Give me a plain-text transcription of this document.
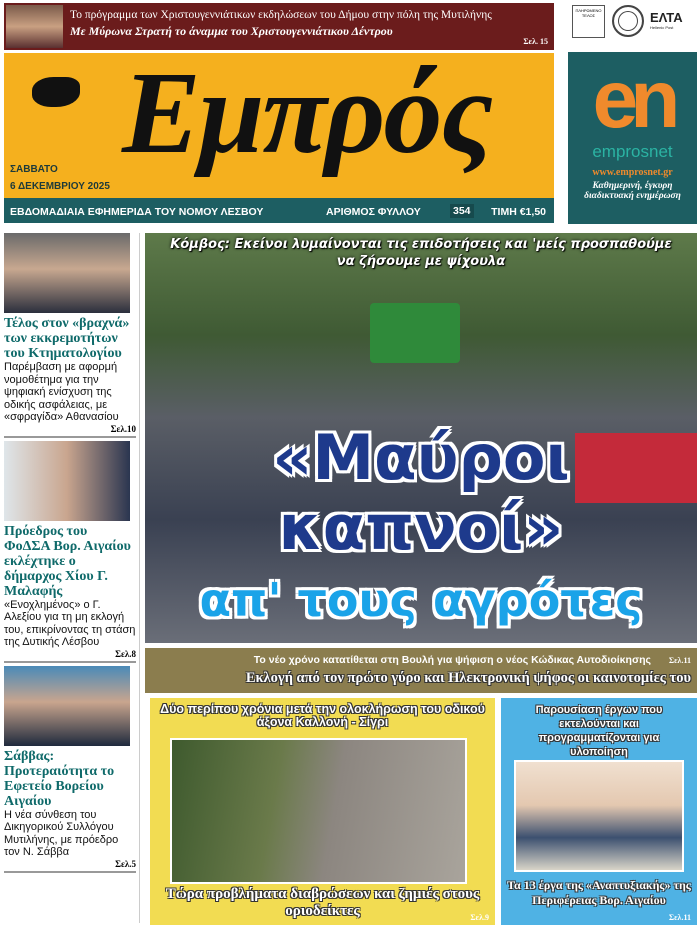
Το πρόγραμμα των Χριστουγεννιάτικων εκδηλώσεων του Δήμου στην πόλη της Μυτιλήνης
Με Μύρωνα Στρατή το άναμμα του Χριστουγεννιάτικου Δέντρου
Σελ. 15
ΠΛΗΡΩΜΕΝΟ ΤΕΛΟΣ	ΕΛΤΑ
Hellenic Post
Εμπρός
ΣΑΒΒΑΤΟ
6 ΔΕΚΕΜΒΡΙΟΥ 2025
ΕΒΔΟΜΑΔΙΑΙΑ ΕΦΗΜΕΡΙΔΑ ΤΟΥ ΝΟΜΟΥ ΛΕΣΒΟΥ	ΑΡΙΘΜΟΣ ΦΥΛΛΟΥ	354 ΤΙΜΗ €1,50
en
emprosnet
www.emprosnet.gr
Καθημερινή, έγκυρη
διαδικτυακή ενημέρωση
Τέλος στον «βραχνά» των εκκρεμοτήτων του Κτηματολογίου
Παρέμβαση με αφορμή νομοθέτημα για την ψηφιακή ενίσχυση της οδικής ασφάλειας, με «σφραγίδα» Αθανασίου
Σελ.10
Πρόεδρος του ΦοΔΣΑ Βορ. Αιγαίου εκλέχτηκε ο δήμαρχος Χίου Γ. Μαλαφής
«Ενοχλημένος» ο Γ. Αλεξίου για τη μη εκλογή του, επικρίνοντας τη στάση της Δυτικής Λέσβου
Σελ.8
Σάββας: Προτεραιότητα το Εφετείο Βορείου Αιγαίου
Η νέα σύνθεση του Δικηγορικού Συλλόγου Μυτιλήνης, με πρόεδρο τον Ν. Σάββα
Σελ.5
Κόμβος: Εκείνοι λυμαίνονται τις επιδοτήσεις και 'μείς προσπαθούμε να ζήσουμε με ψίχουλα
«Μαύροι
καπνοί»
απ' τους αγρότες
Το νέο χρόνο κατατίθεται στη Βουλή για ψήφιση ο νέος Κώδικας Αυτοδιοίκησης Σελ.11
Εκλογή από τον πρώτο γύρο και Ηλεκτρονική ψήφος οι καινοτομίες του
Δύο περίπου χρόνια μετά την ολοκλήρωση του οδικού άξονα Καλλονή - Σίγρι
Τώρα προβλήματα διαβρώσεων και ζημιές στους οριοδείκτες	Σελ.9
Παρουσίαση έργων που εκτελούνται και προγραμματίζονται για υλοποίηση
Τα 13 έργα της «Αναπτυξιακής» της Περιφέρειας Βορ. Αιγαίου
Σελ.11
